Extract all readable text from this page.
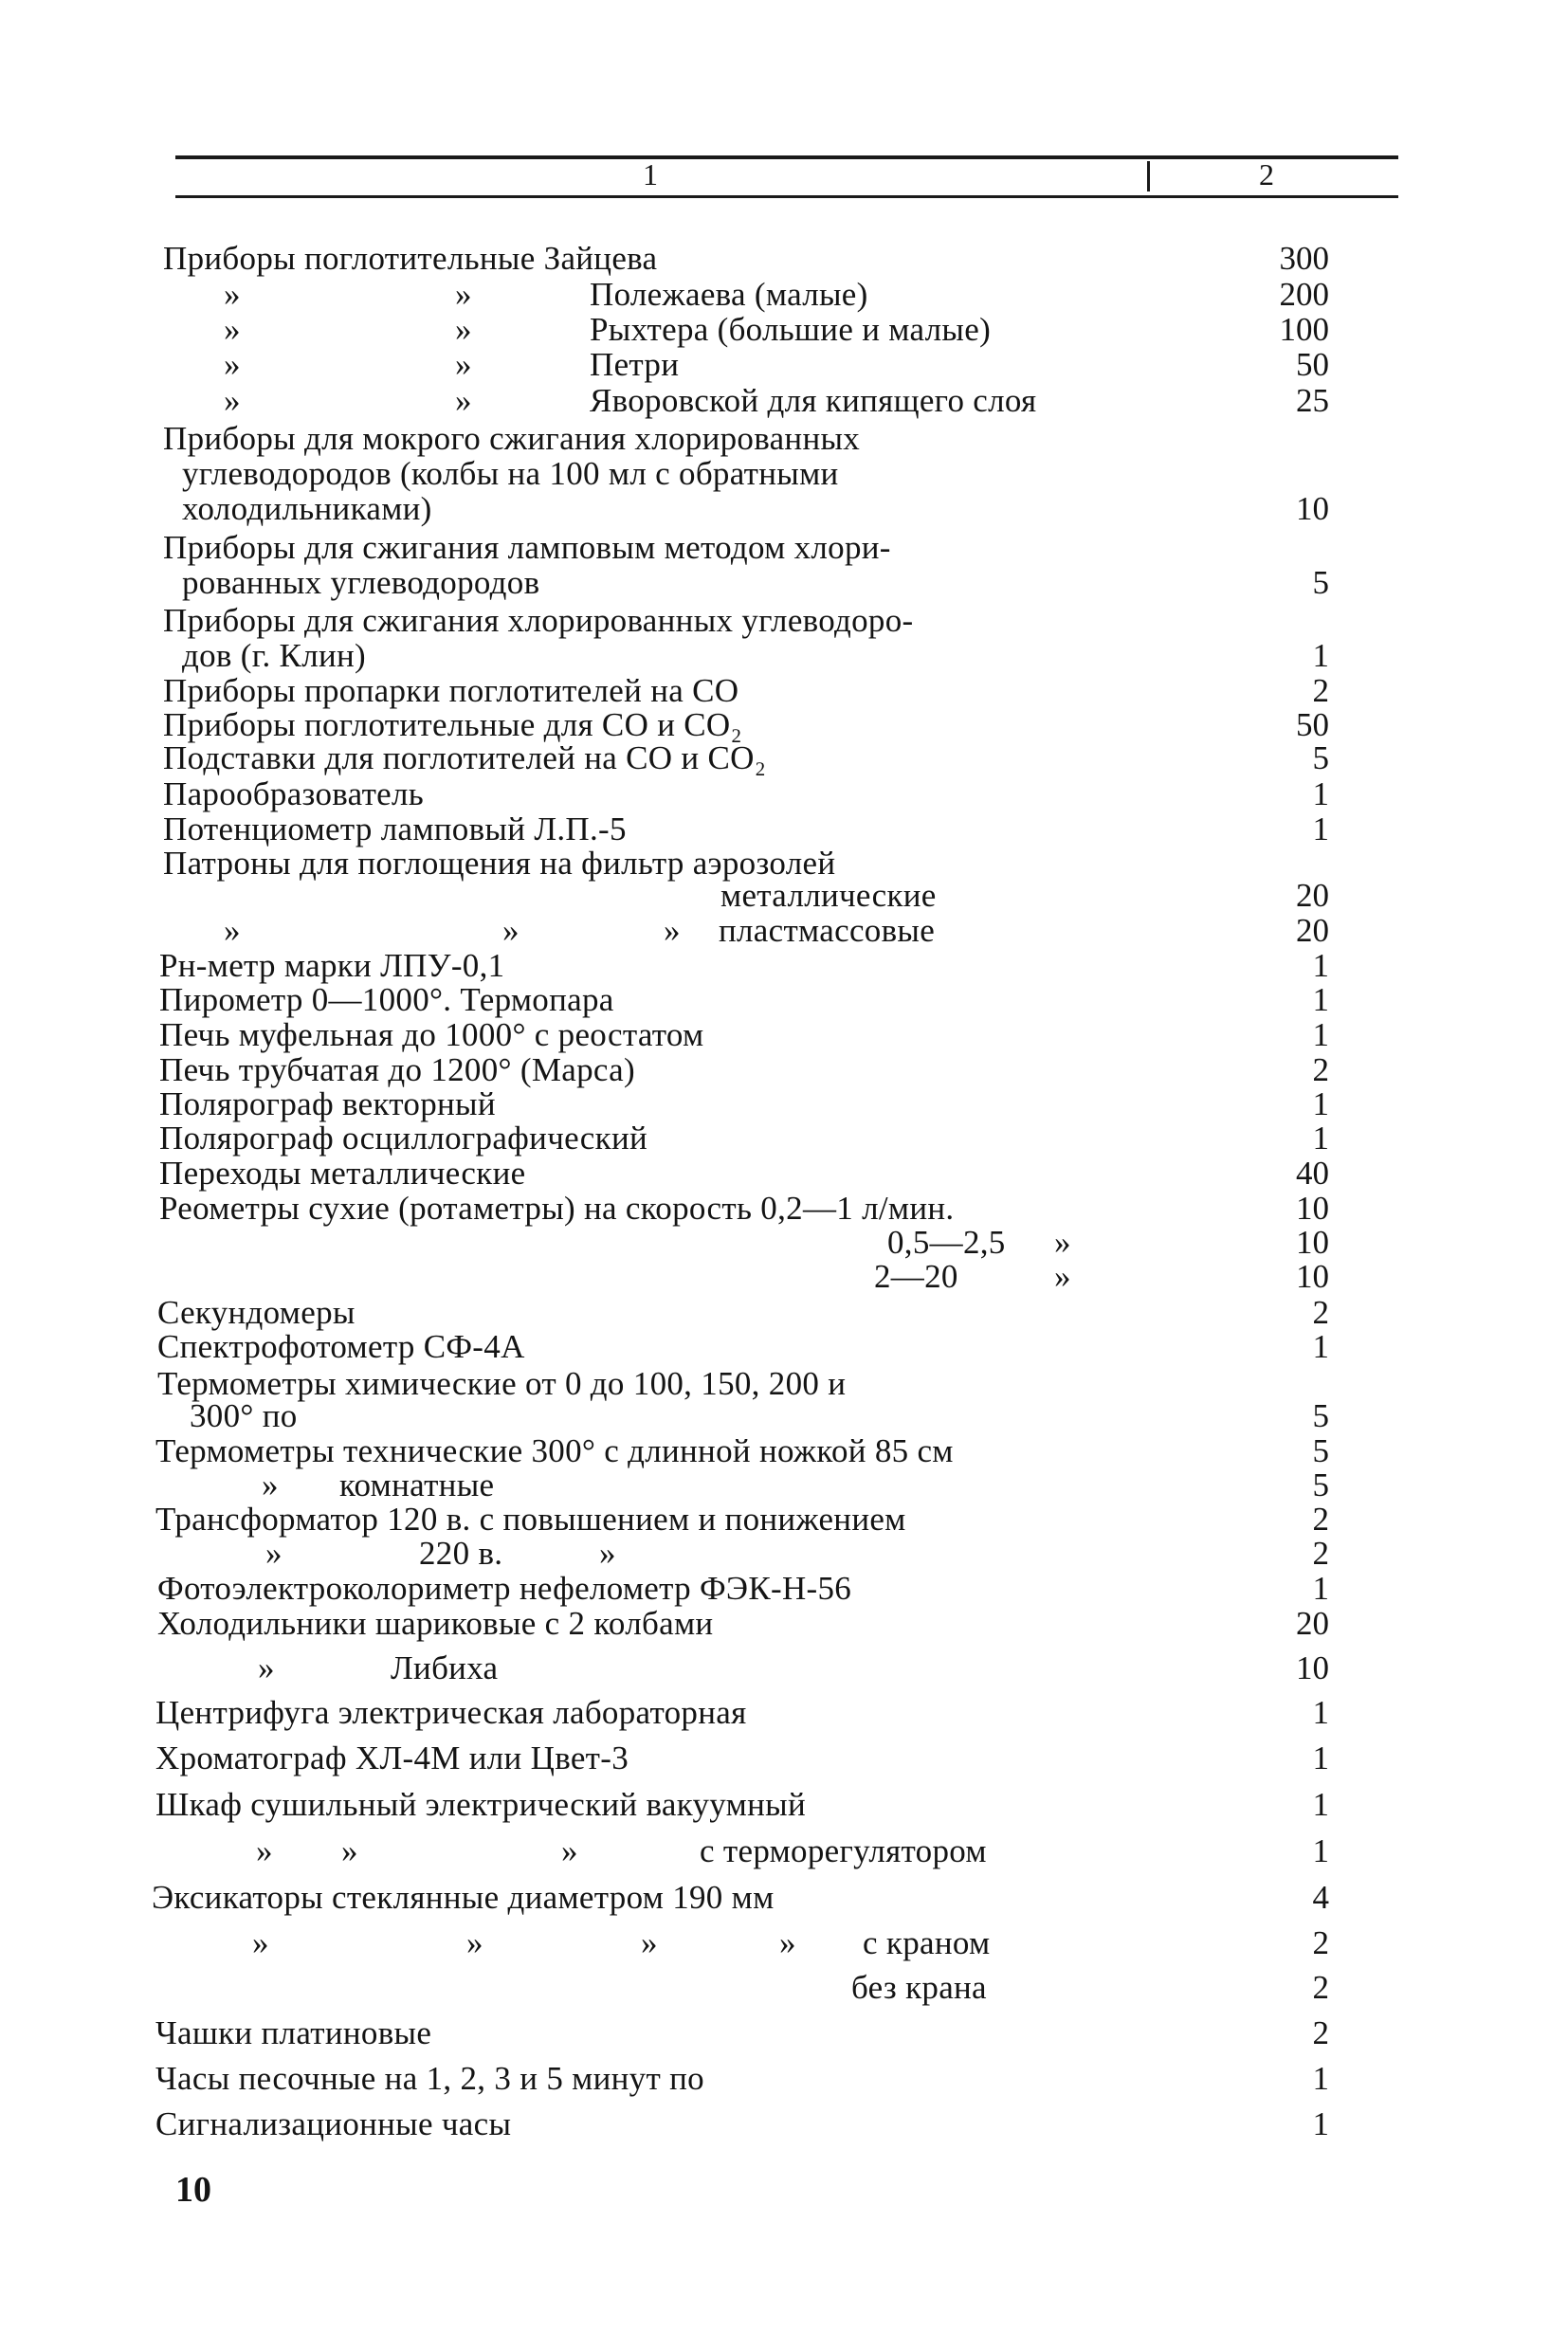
1	2
Приборы поглотительные Зайцева	300
»	»	Полежаева (малые)	200
»	»	Рыхтера (большие и малые)	100
»	»	Петри	50
»	»	Яворовской для кипящего слоя	25
Приборы для мокрого сжигания хлорированных
углеводородов (колбы на 100 мл с обратными
холодильниками)	10
Приборы для сжигания ламповым методом хлори-
рованных углеводородов	5
Приборы для сжигания хлорированных углеводоро-
дов (г. Клин)	1
Приборы пропарки поглотителей на CO	2
Приборы поглотительные для CO и CO₂	50
Подставки для поглотителей на CO и CO₂	5
Парообразователь	1
Потенциометр ламповый Л.П.-5	1
Патроны для поглощения на фильтр аэрозолей
металлические	20
»	»	» пластмассовые	20
Рн-метр марки ЛПУ-0,1	1
Пирометр 0—1000°. Термопара	1
Печь муфельная до 1000° с реостатом	1
Печь трубчатая до 1200° (Марса)	2
Полярограф векторный	1
Полярограф осциллографический	1
Переходы металлические	40
Реометры сухие (ротаметры) на скорость 0,2—1 л/мин.	10
0,5—2,5 »	10
2—20	»	10
Секундомеры	2
Спектрофотометр СФ-4А	1
Термометры химические от 0 до 100, 150, 200 и
300° по	5
Термометры технические 300° с длинной ножкой 85 см	5
» комнатные	5
Трансформатор 120 в. с повышением и понижением	2
»	220 в.	»	2
Фотоэлектроколориметр нефелометр ФЭК-Н-56	1
Холодильники шариковые с 2 колбами	20
»	Либиха	10
Центрифуга электрическая лабораторная	1
Хроматограф ХЛ-4М или Цвет-3	1
Шкаф сушильный электрический вакуумный	1
» »	»	с терморегулятором	1
Эксикаторы стеклянные диаметром 190 мм	4
»	»	»	» с краном	2
без крана	2
Чашки платиновые	2
Часы песочные на 1, 2, 3 и 5 минут по	1
Сигнализационные часы	1
10
